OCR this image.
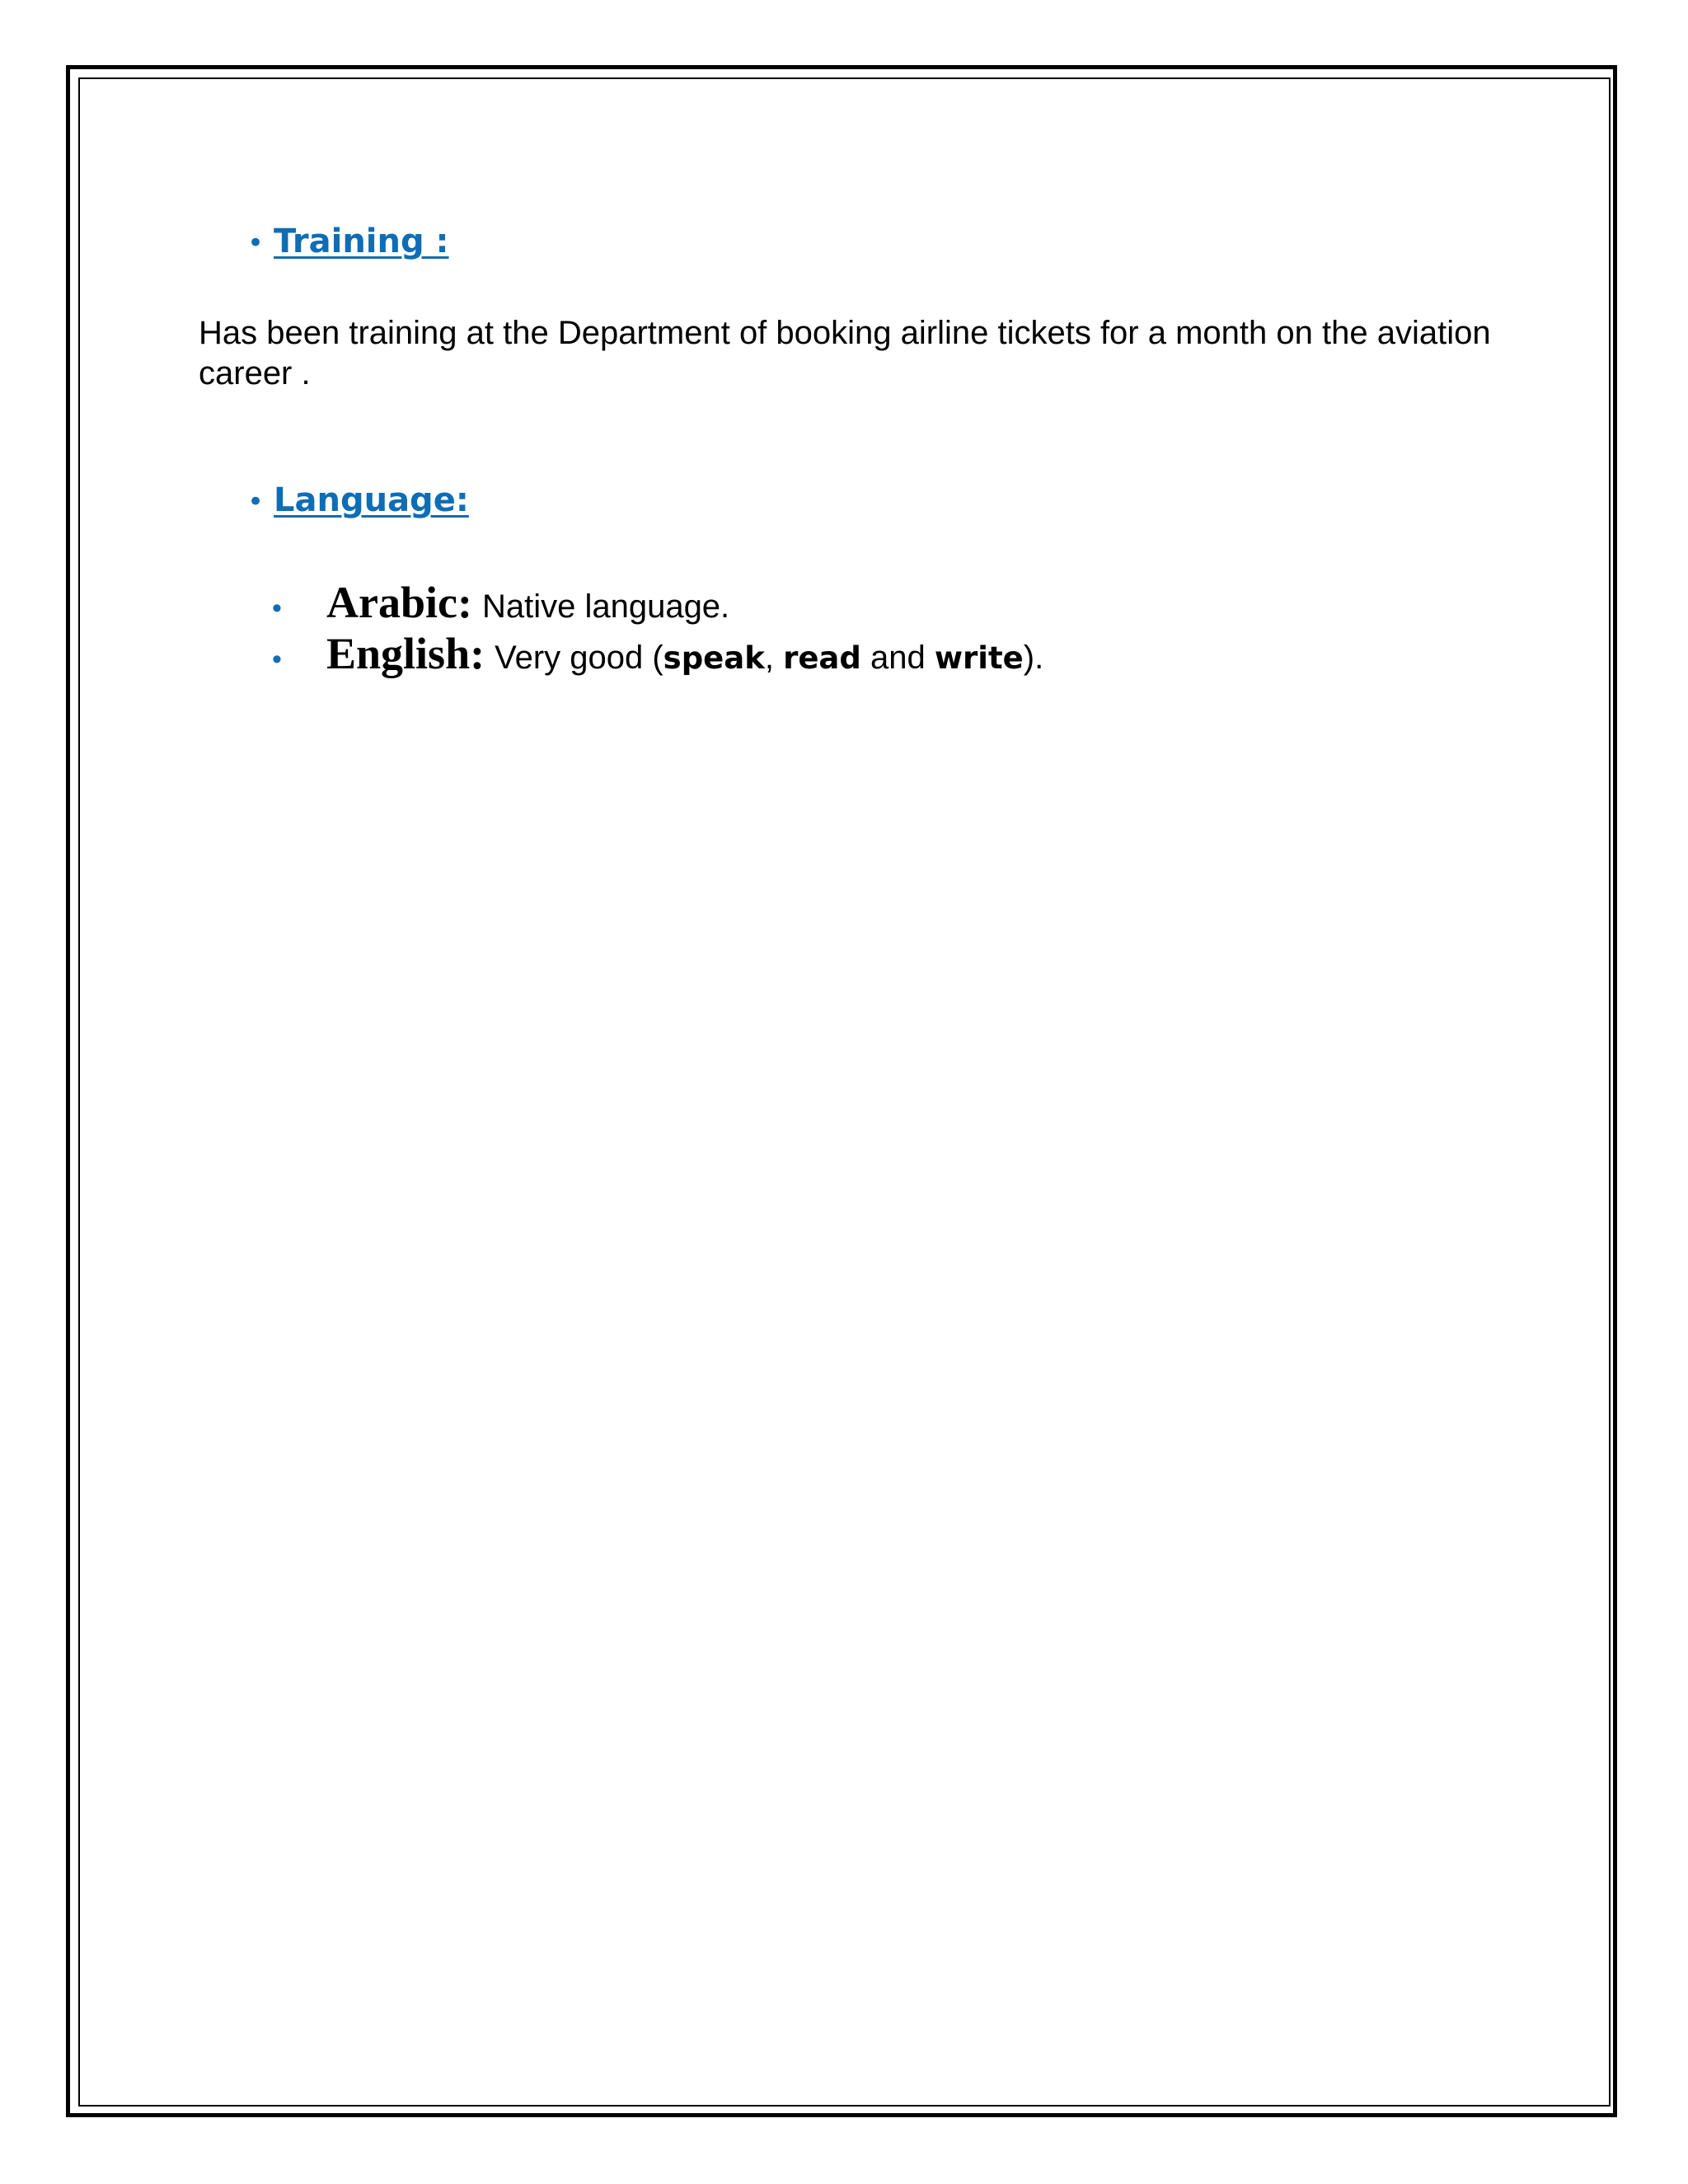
• Training :

Has been training at the Department of booking airline tickets for a month on the aviation career .

• Language:
•	Arabic: Native language.
•	English: Very good (speak, read and write).
